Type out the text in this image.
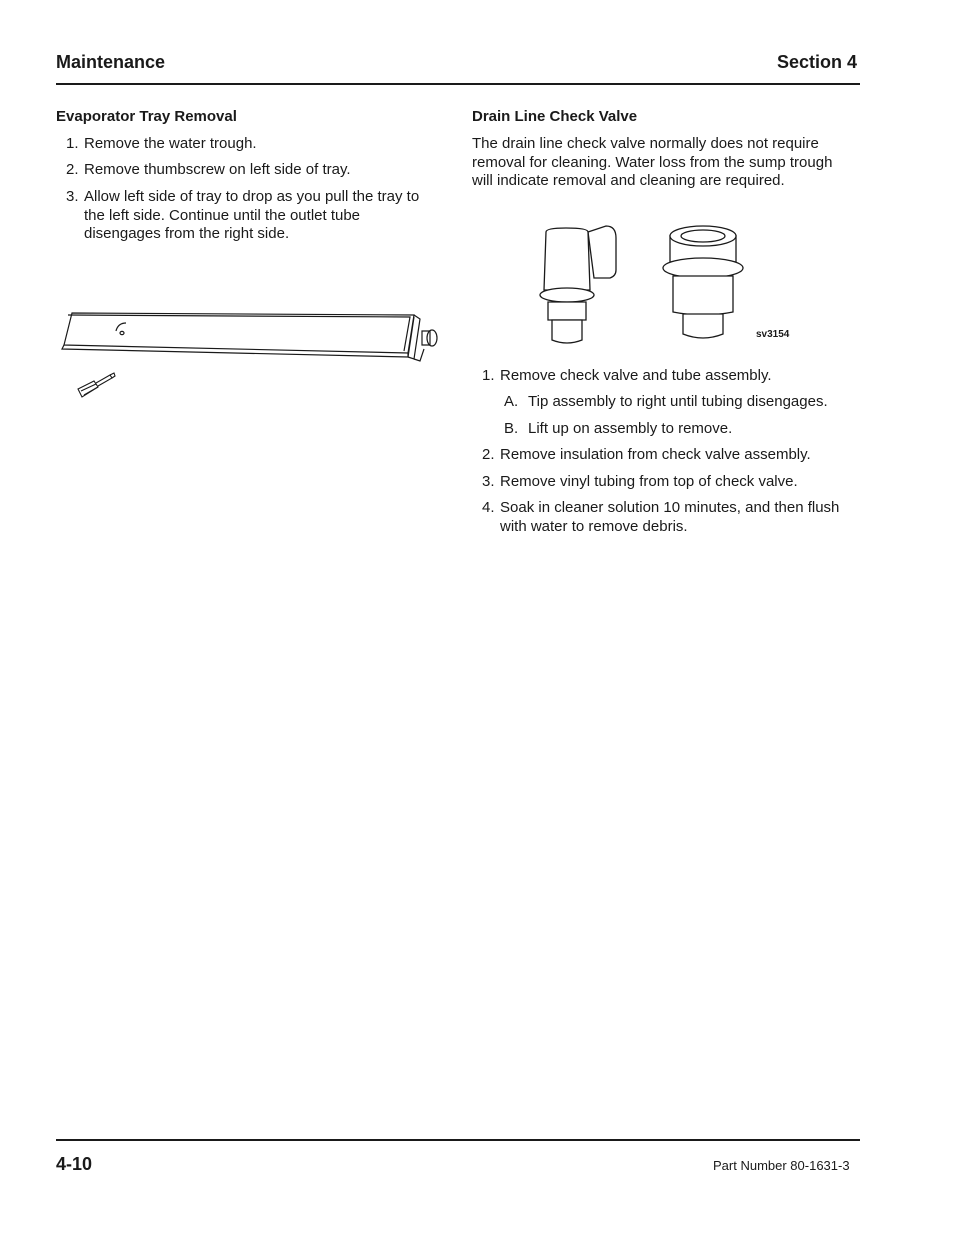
Maintenance	Section 4
Evaporator Tray Removal
1. Remove the water trough.
2. Remove thumbscrew on left side of tray.
3. Allow left side of tray to drop as you pull the tray to
the left side. Continue until the outlet tube
disengages from the right side.
Drain Line Check Valve
The drain line check valve normally does not require
removal for cleaning. Water loss from the sump trough
will indicate removal and cleaning are required.
sv3154
1. Remove check valve and tube assembly.
A. Tip assembly to right until tubing disengages.
B. Lift up on assembly to remove.
2. Remove insulation from check valve assembly.
3. Remove vinyl tubing from top of check valve.
4. Soak in cleaner solution 10 minutes, and then flush
with water to remove debris.
4-10	Part Number 80-1631-3
